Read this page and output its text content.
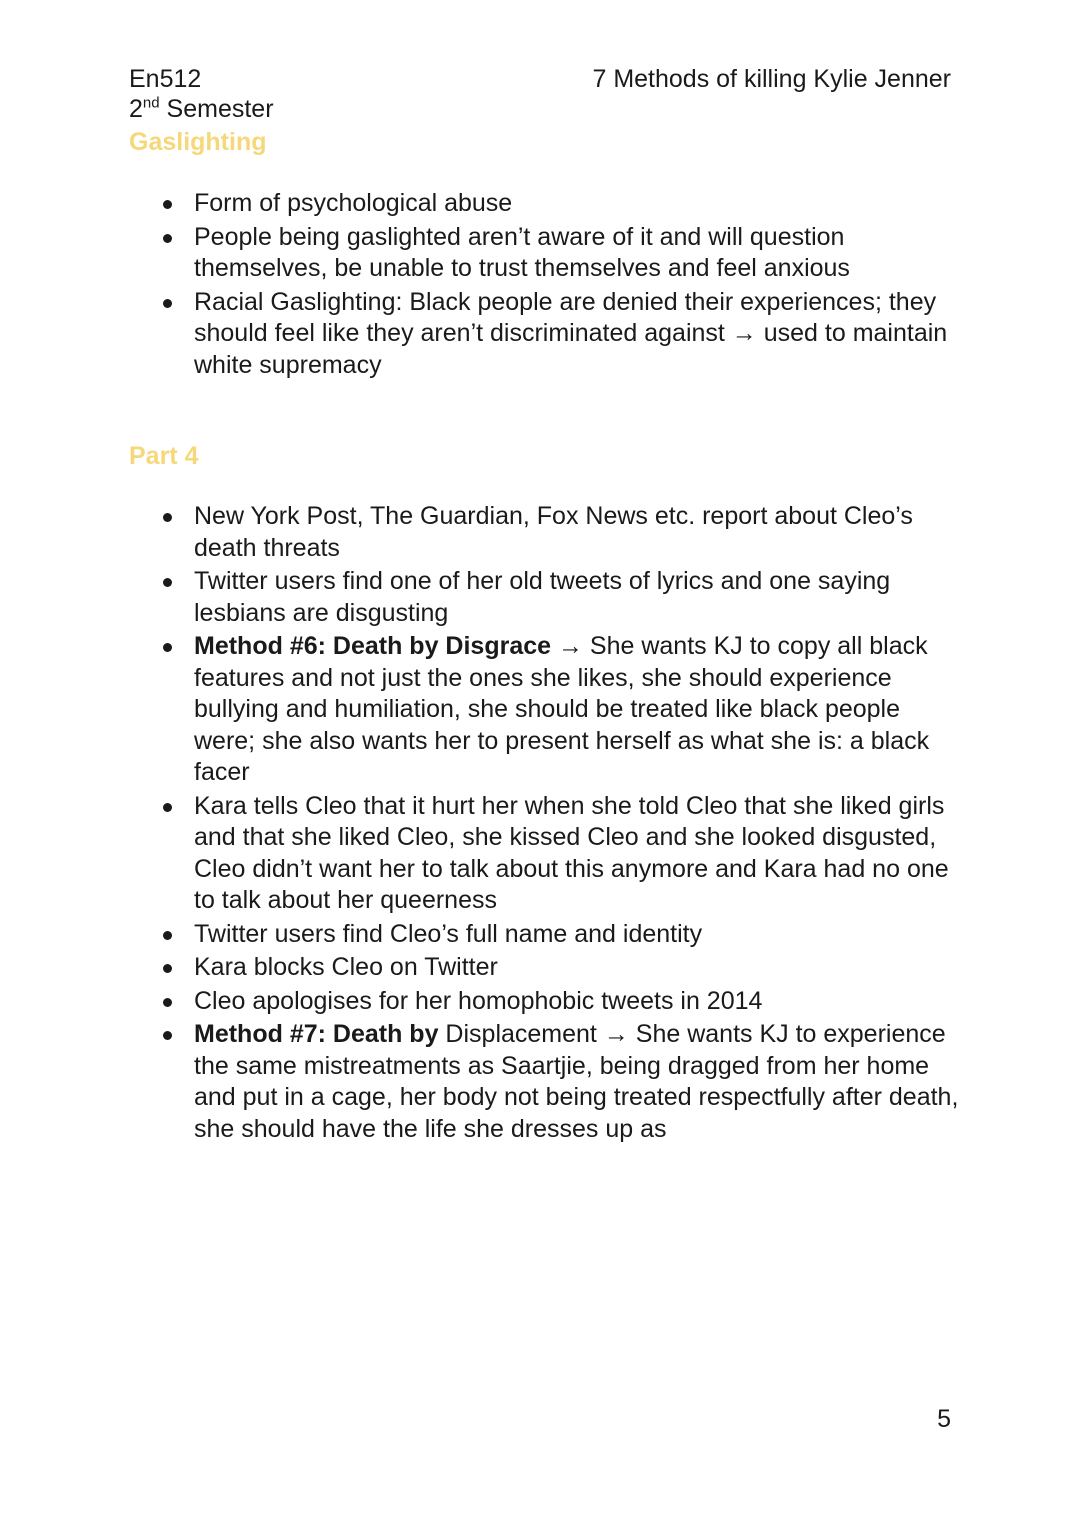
En512
2nd Semester
7 Methods of killing Kylie Jenner
Gaslighting
Form of psychological abuse
People being gaslighted aren’t aware of it and will question themselves, be unable to trust themselves and feel anxious
Racial Gaslighting: Black people are denied their experiences; they should feel like they aren’t discriminated against → used to maintain white supremacy
Part 4
New York Post, The Guardian, Fox News etc. report about Cleo’s death threats
Twitter users find one of her old tweets of lyrics and one saying lesbians are disgusting
Method #6: Death by Disgrace → She wants KJ to copy all black features and not just the ones she likes, she should experience bullying and humiliation, she should be treated like black people were; she also wants her to present herself as what she is: a black facer
Kara tells Cleo that it hurt her when she told Cleo that she liked girls and that she liked Cleo, she kissed Cleo and she looked disgusted, Cleo didn’t want her to talk about this anymore and Kara had no one to talk about her queerness
Twitter users find Cleo’s full name and identity
Kara blocks Cleo on Twitter
Cleo apologises for her homophobic tweets in 2014
Method #7: Death by Displacement → She wants KJ to experience the same mistreatments as Saartjie, being dragged from her home and put in a cage, her body not being treated respectfully after death, she should have the life she dresses up as
5
